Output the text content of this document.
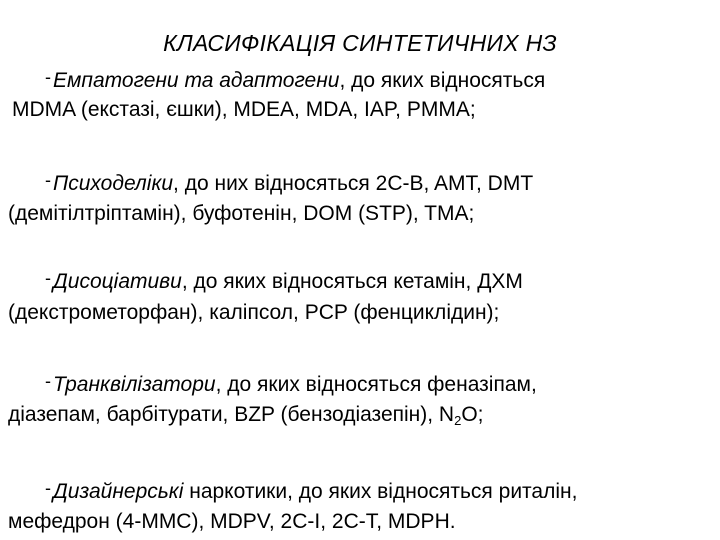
КЛАСИФІКАЦІЯ СИНТЕТИЧНИХ НЗ
-Емпатогени та адаптогени, до яких відносяться
MDMA (екстазі, єшки), MDEA, MDA, IAP, PMMA;
-Психоделіки, до них відносяться 2C-B, AMT, DMT
(демітілтріптамін), буфотенін, DOM (STP), TMA;
-Дисоціативи, до яких відносяться кетамін, ДХМ
(декстрометорфан), каліпсол, PCP (фенциклідин);
-Транквілізатори, до яких відносяться феназіпам,
діазепам, барбітурати, BZP (бензодіазепін), $N_2O$;
-Дизайнерські наркотики, до яких відносяться риталін,
мефедрон (4-MMC), MDPV, 2C-I, 2C-T, MDPH.
